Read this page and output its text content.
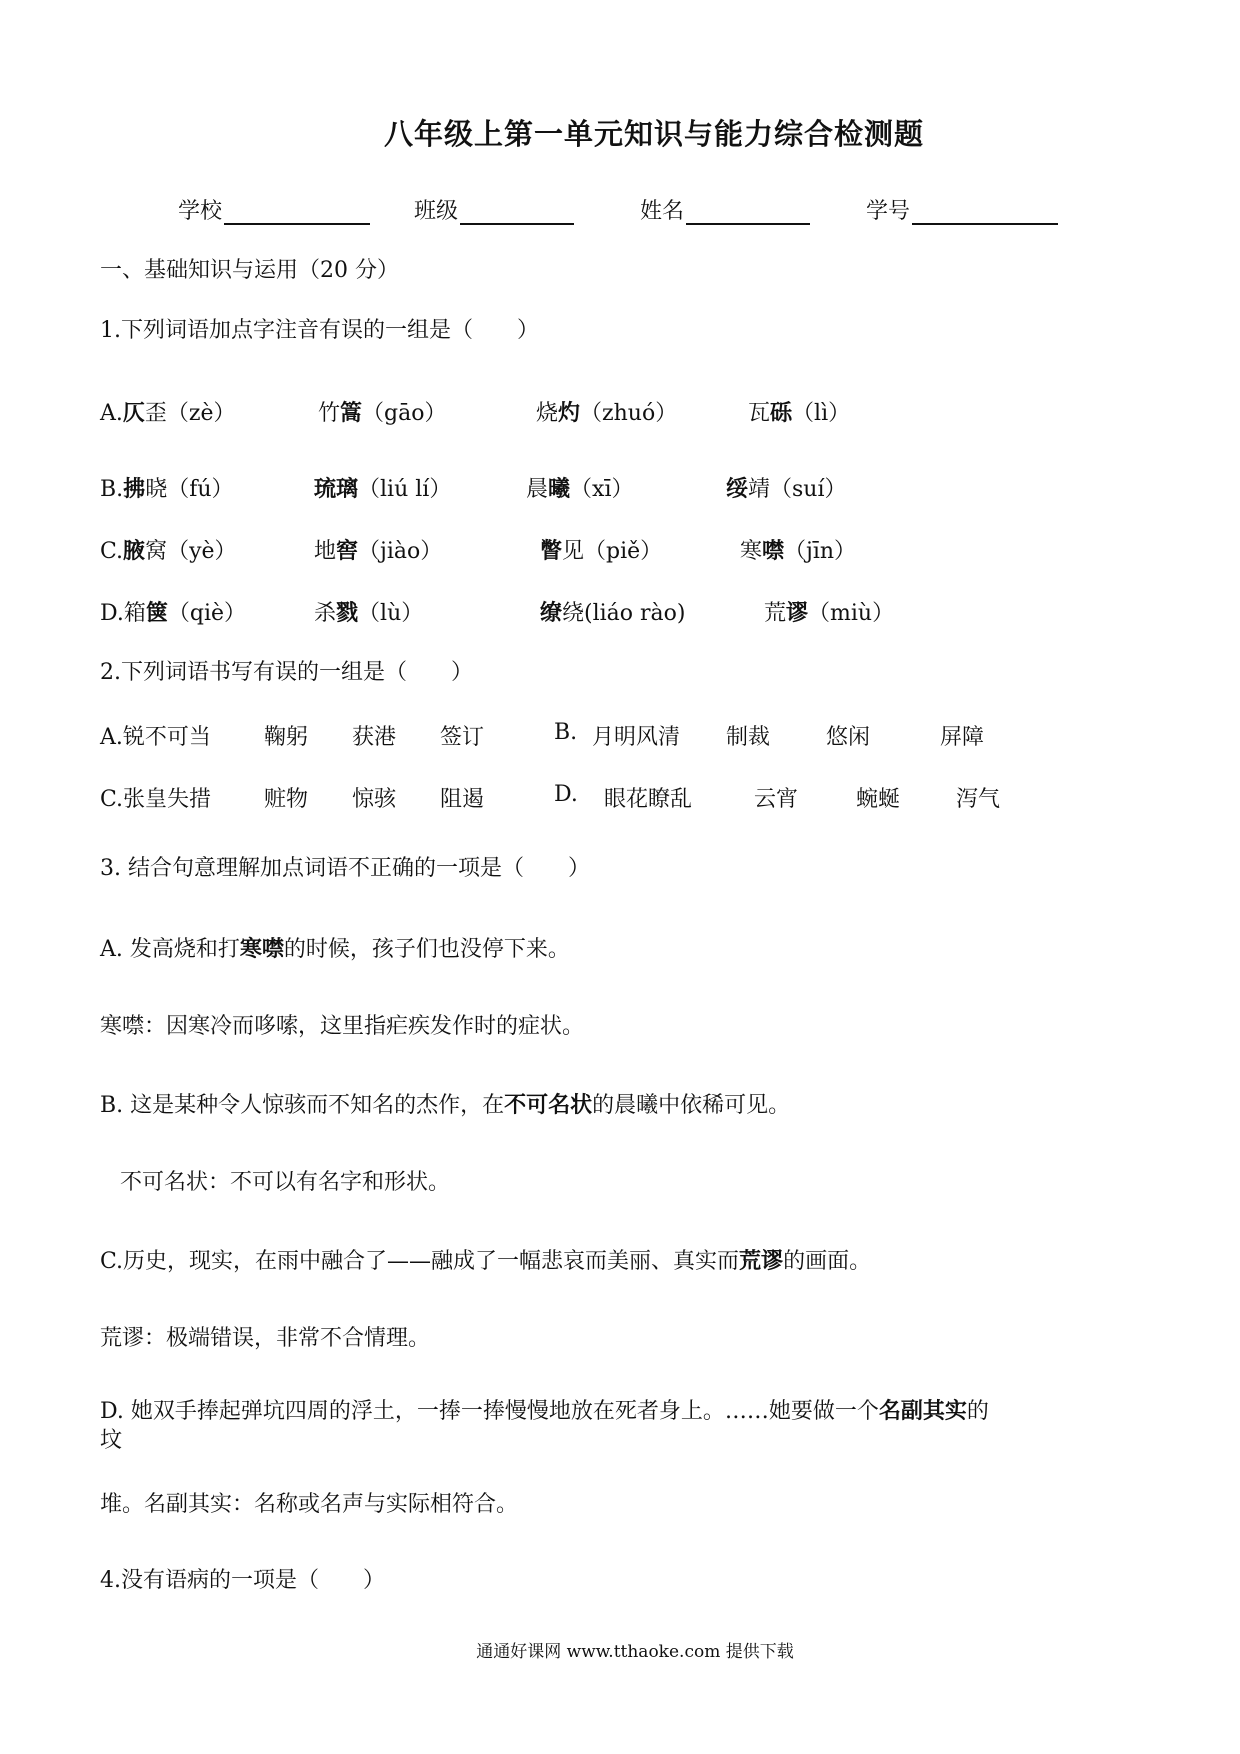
八年级上第一单元知识与能力综合检测题
学校	班级	姓名	学号
一、基础知识与运用（20 分）
1.下列词语加点字注音有误的一组是（　　）
A.仄歪（zè）	竹篙（gāo）	烧灼（zhuó）	瓦砾（lì）
B.拂晓（fú）	琉璃（liú lí）	晨曦（xī）	绥靖（suí）
C.腋窝（yè）	地窖（jiào）	瞥见（piě）	寒噤（jīn）
D.箱箧（qiè）	杀戮（lù）	缭绕(liáo rào)	荒谬（miù）
2.下列词语书写有误的一组是（　　）
A.锐不可当 鞠躬 获港 签订	B. 月明风清 制裁	悠闲	屏障
C.张皇失措 赃物 惊骇 阻遏	D. 眼花瞭乱	云宵	蜿蜒	泻气
3. 结合句意理解加点词语不正确的一项是（　　）
A. 发高烧和打寒噤的时候，孩子们也没停下来。
寒噤：因寒冷而哆嗦，这里指疟疾发作时的症状。
B. 这是某种令人惊骇而不知名的杰作，在不可名状的晨曦中依稀可见。
不可名状：不可以有名字和形状。
C.历史，现实，在雨中融合了——融成了一幅悲哀而美丽、真实而荒谬的画面。
荒谬：极端错误，非常不合情理。
D. 她双手捧起弹坑四周的浮土，一捧一捧慢慢地放在死者身上。……她要做一个名副其实的
坟
堆。名副其实：名称或名声与实际相符合。
4.没有语病的一项是（　　）
通通好课网 www.tthaoke.com 提供下载
